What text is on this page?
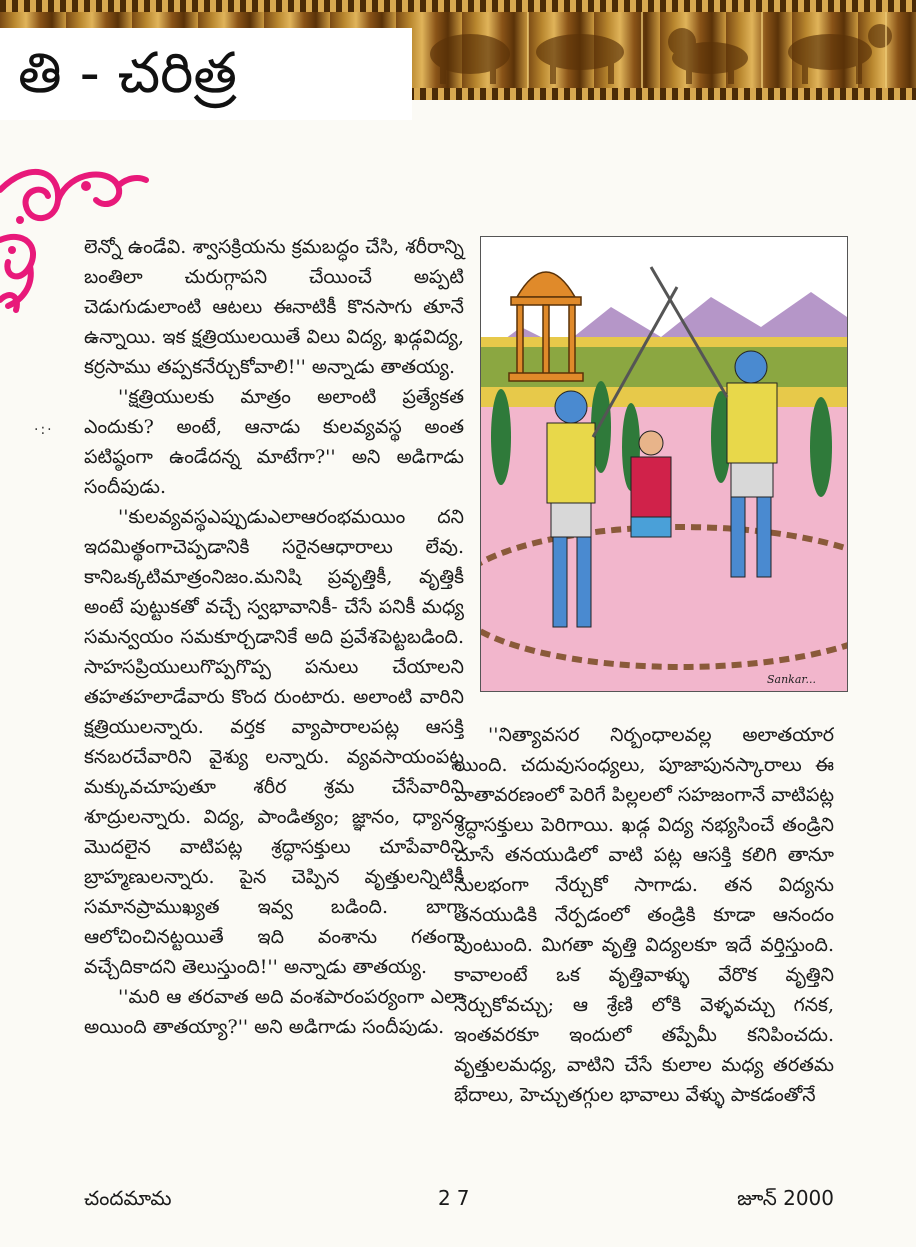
తి - చరిత్ర
·:·

లెన్నో ఉండేవి. శ్వాసక్రియను క్రమబద్ధం చేసి, శరీరాన్ని బంతిలా చురుగ్గాపని చేయించే అప్పటి చెడుగుడులాంటి ఆటలు ఈనాటికీ కొనసాగు తూనే ఉన్నాయి. ఇక క్షత్రియులయితే విలు విద్య, ఖడ్గవిద్య, కర్రసాము తప్పకనేర్చుకోవాలి!'' అన్నాడు తాతయ్య.

''క్షత్రియులకు మాత్రం అలాంటి ప్రత్యేకత ఎందుకు? అంటే, ఆనాడు కులవ్యవస్థ అంత పటిష్ఠంగా ఉండేదన్న మాటేగా?'' అని అడిగాడు సందీపుడు.

''కులవ్యవస్థఎప్పుడుఎలాఆరంభమయిం దని ఇదమిత్థంగాచెప్పడానికి సరైనఆధారాలు లేవు. కానిఒక్కటిమాత్రంనిజం.మనిషి ప్రవృత్తికీ, వృత్తికీ అంటే పుట్టుకతో వచ్చే స్వభావానికీ- చేసే పనికీ మధ్య సమన్వయం సమకూర్చడానికే అది ప్రవేశపెట్టబడింది. సాహసప్రియులుగొప్పగొప్ప పనులు చేయాలని తహతహలాడేవారు కొంద రుంటారు. అలాంటి వారిని క్షత్రియులన్నారు. వర్తక వ్యాపారాలపట్ల ఆసక్తి కనబరచేవారిని వైశ్యు లన్నారు. వ్యవసాయంపట్ల మక్కువచూపుతూ శరీర శ్రమ చేసేవారిని శూద్రులన్నారు. విద్య, పాండిత్యం; జ్ఞానం, ధ్యానం మొదలైన వాటిపట్ల శ్రద్ధాసక్తులు చూపేవారిని బ్రాహ్మణులన్నారు. పైన చెప్పిన వృత్తులన్నిటికీ సమానప్రాముఖ్యత ఇవ్వ బడింది. బాగా ఆలోచించినట్టయితే ఇది వంశాను గతంగా వచ్చేదికాదని తెలుస్తుంది!'' అన్నాడు తాతయ్య.

''మరి ఆ తరవాత అది వంశపారంపర్యంగా ఎలా అయింది తాతయ్యా?'' అని అడిగాడు సందీపుడు.

Sankar...

''నిత్యావసర నిర్బంధాలవల్ల అలాతయార యింది. చదువుసంధ్యలు, పూజాపునస్కారాలు ఈ వాతావరణంలో పెరిగే పిల్లలలో సహజంగానే వాటిపట్ల శ్రద్ధాసక్తులు పెరిగాయి. ఖడ్గ విద్య నభ్యసించే తండ్రిని చూసే తనయుడిలో వాటి పట్ల ఆసక్తి కలిగి తానూ సులభంగా నేర్చుకో సాగాడు. తన విద్యను తనయుడికి నేర్పడంలో తండ్రికి కూడా ఆనందం వుంటుంది. మిగతా వృత్తి విద్యలకూ ఇదే వర్తిస్తుంది. కావాలంటే ఒక వృత్తివాళ్ళు వేరొక వృత్తిని నేర్చుకోవచ్చు; ఆ శ్రేణి లోకి వెళ్ళవచ్చు గనక, ఇంతవరకూ ఇందులో తప్పేమీ కనిపించదు. వృత్తులమధ్య, వాటిని చేసే కులాల మధ్య తరతమ భేదాలు, హెచ్చుతగ్గుల భావాలు వేళ్ళు పాకడంతోనే

చందమామ	27	జూన్ 2000
